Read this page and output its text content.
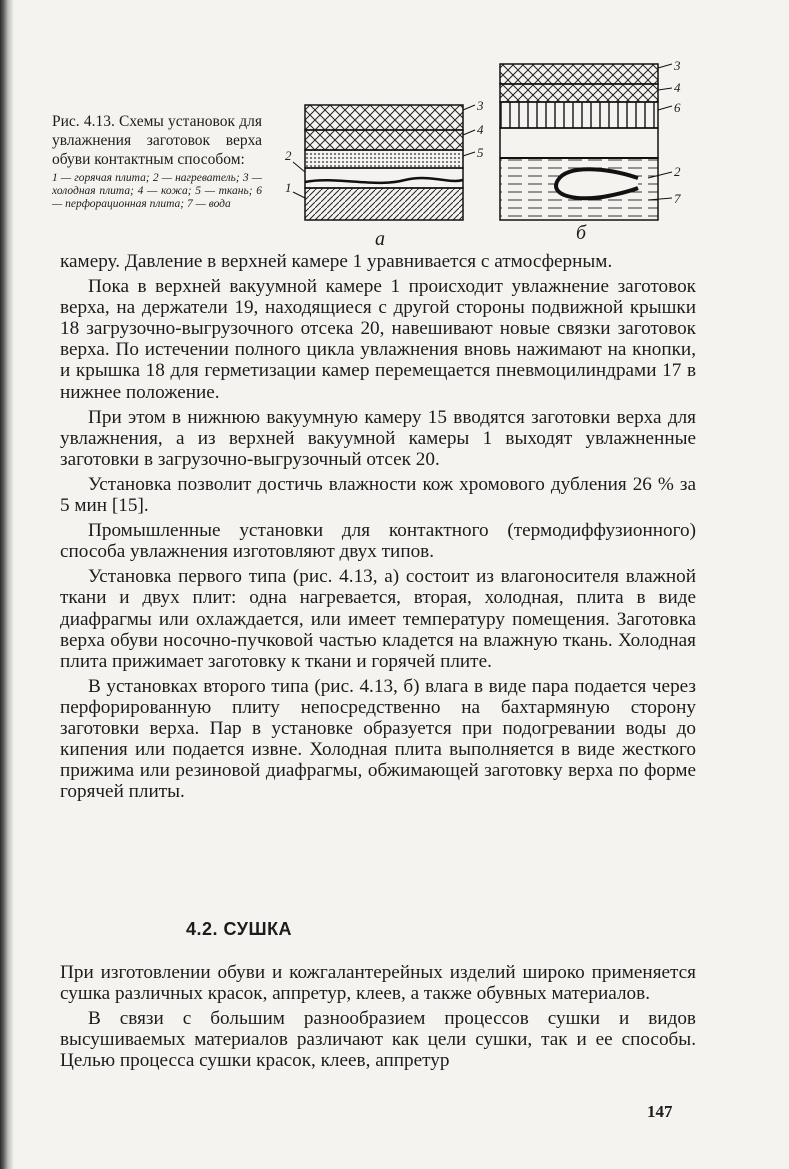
Рис. 4.13. Схемы установок для увлажнения заготовок верха обуви контактным способом:

1 — горячая плита; 2 — нагреватель; 3 — холодная плита; 4 — кожа; 5 — ткань; 6 — перфорационная плита; 7 — вода

3
4
5
2
1
а
3
4
6
2
7
б

камеру. Давление в верхней камере 1 уравнивается с атмосферным.

Пока в верхней вакуумной камере 1 происходит увлажнение заготовок верха, на держатели 19, находящиеся с другой стороны подвижной крышки 18 загрузочно-выгрузочного отсека 20, навешивают новые связки заготовок верха. По истечении полного цикла увлажнения вновь нажимают на кнопки, и крышка 18 для герметизации камер перемещается пневмоцилиндрами 17 в нижнее положение.

При этом в нижнюю вакуумную камеру 15 вводятся заготовки верха для увлажнения, а из верхней вакуумной камеры 1 выходят увлажненные заготовки в загрузочно-выгрузочный отсек 20.

Установка позволит достичь влажности кож хромового дубления 26 % за 5 мин [15].

Промышленные установки для контактного (термодиффузионного) способа увлажнения изготовляют двух типов.

Установка первого типа (рис. 4.13, а) состоит из влагоносителя влажной ткани и двух плит: одна нагревается, вторая, холодная, плита в виде диафрагмы или охлаждается, или имеет температуру помещения. Заготовка верха обуви носочно-пучковой частью кладется на влажную ткань. Холодная плита прижимает заготовку к ткани и горячей плите.

В установках второго типа (рис. 4.13, б) влага в виде пара подается через перфорированную плиту непосредственно на бахтармяную сторону заготовки верха. Пар в установке образуется при подогревании воды до кипения или подается извне. Холодная плита выполняется в виде жесткого прижима или резиновой диафрагмы, обжимающей заготовку верха по форме горячей плиты.

4.2. СУШКА

При изготовлении обуви и кожгалантерейных изделий широко применяется сушка различных красок, аппретур, клеев, а также обувных материалов.

В связи с большим разнообразием процессов сушки и видов высушиваемых материалов различают как цели сушки, так и ее способы. Целью процесса сушки красок, клеев, аппретур

147
